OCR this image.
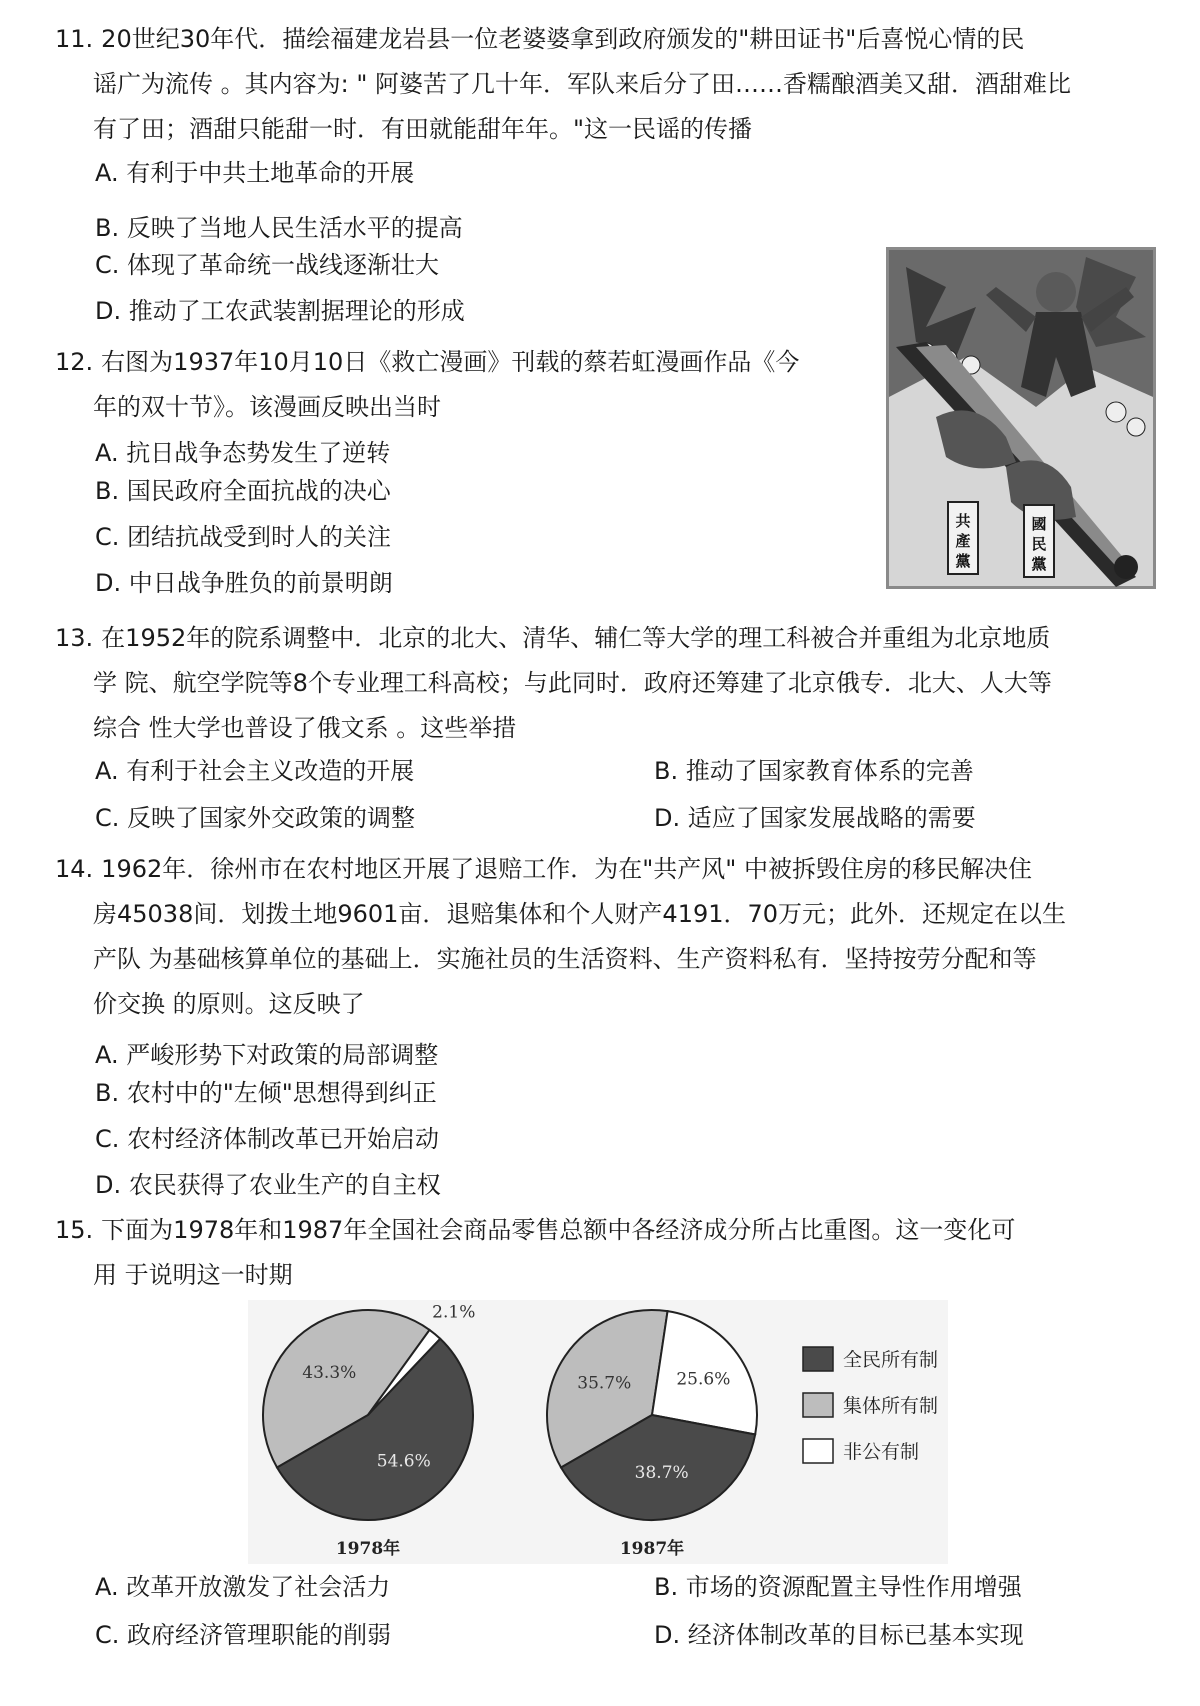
11. 20世纪30年代．描绘福建龙岩县一位老婆婆拿到政府颁发的"耕田证书"后喜悦心情的民
谣广为流传 。其内容为: " 阿婆苦了几十年．军队来后分了田……香糯酿酒美又甜．酒甜难比
有了田；酒甜只能甜一时．有田就能甜年年。"这一民谣的传播
A. 有利于中共土地革命的开展
B. 反映了当地人民生活水平的提高
C. 体现了革命统一战线逐渐壮大
D. 推动了工农武装割据理论的形成
12. 右图为1937年10月10日《救亡漫画》刊载的蔡若虹漫画作品《今
年的双十节》。该漫画反映出当时
A. 抗日战争态势发生了逆转
B. 国民政府全面抗战的决心
C. 团结抗战受到时人的关注
D. 中日战争胜负的前景明朗
共
產
黨
國
民
黨
13. 在1952年的院系调整中．北京的北大、清华、辅仁等大学的理工科被合并重组为北京地质
学 院、航空学院等8个专业理工科高校；与此同时．政府还筹建了北京俄专．北大、人大等
综合 性大学也普设了俄文系 。这些举措
A. 有利于社会主义改造的开展	B. 推动了国家教育体系的完善
C. 反映了国家外交政策的调整	D. 适应了国家发展战略的需要
14. 1962年．徐州市在农村地区开展了退赔工作．为在"共产风" 中被拆毁住房的移民解决住
房45038间．划拨土地9601亩．退赔集体和个人财产4191．70万元；此外．还规定在以生
产队 为基础核算单位的基础上．实施社员的生活资料、生产资料私有．坚持按劳分配和等
价交换 的原则。这反映了
A. 严峻形势下对政策的局部调整
B. 农村中的"左倾"思想得到纠正
C. 农村经济体制改革已开始启动
D. 农民获得了农业生产的自主权
15. 下面为1978年和1987年全国社会商品零售总额中各经济成分所占比重图。这一变化可
用 于说明这一时期
43.3%
2.1%
54.6%
1978年
35.7%	25.6%
38.7%
1987年
全民所有制
集体所有制
非公有制
A. 改革开放激发了社会活力	B. 市场的资源配置主导性作用增强
C. 政府经济管理职能的削弱	D. 经济体制改革的目标已基本实现
